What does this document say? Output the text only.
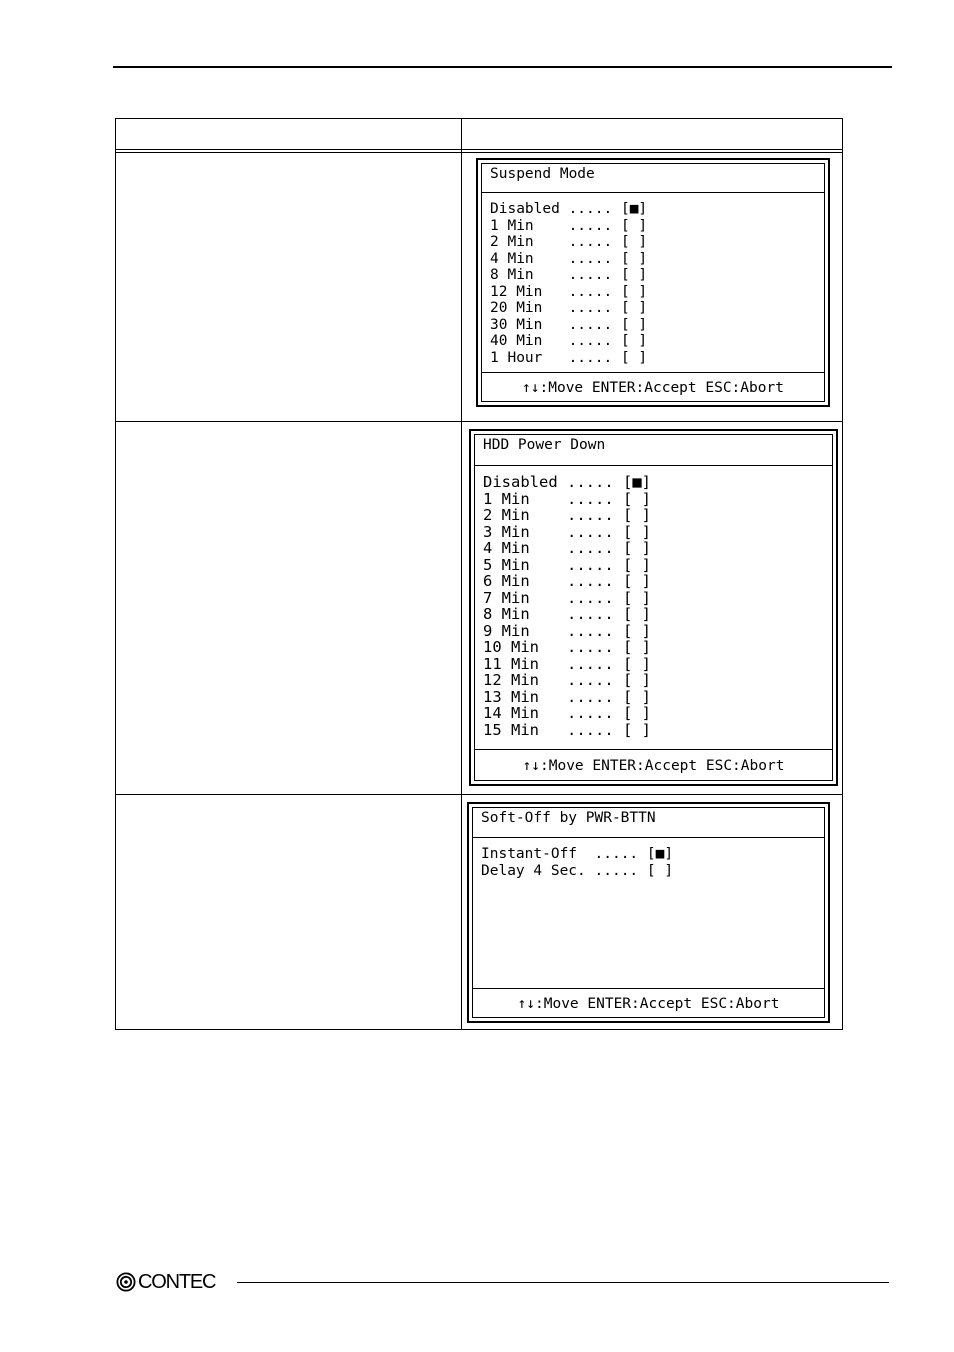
Suspend Mode
Disabled ..... [■]
1 Min    ..... [ ]
2 Min    ..... [ ]
4 Min    ..... [ ]
8 Min    ..... [ ]
12 Min   ..... [ ]
20 Min   ..... [ ]
30 Min   ..... [ ]
40 Min   ..... [ ]
1 Hour   ..... [ ]
↑↓:Move ENTER:Accept ESC:Abort
HDD Power Down
Disabled ..... [■]
1 Min    ..... [ ]
2 Min    ..... [ ]
3 Min    ..... [ ]
4 Min    ..... [ ]
5 Min    ..... [ ]
6 Min    ..... [ ]
7 Min    ..... [ ]
8 Min    ..... [ ]
9 Min    ..... [ ]
10 Min   ..... [ ]
11 Min   ..... [ ]
12 Min   ..... [ ]
13 Min   ..... [ ]
14 Min   ..... [ ]
15 Min   ..... [ ]
↑↓:Move ENTER:Accept ESC:Abort
Soft-Off by PWR-BTTN
Instant-Off  ..... [■]
Delay 4 Sec. ..... [ ]
↑↓:Move ENTER:Accept ESC:Abort
CONTEC
